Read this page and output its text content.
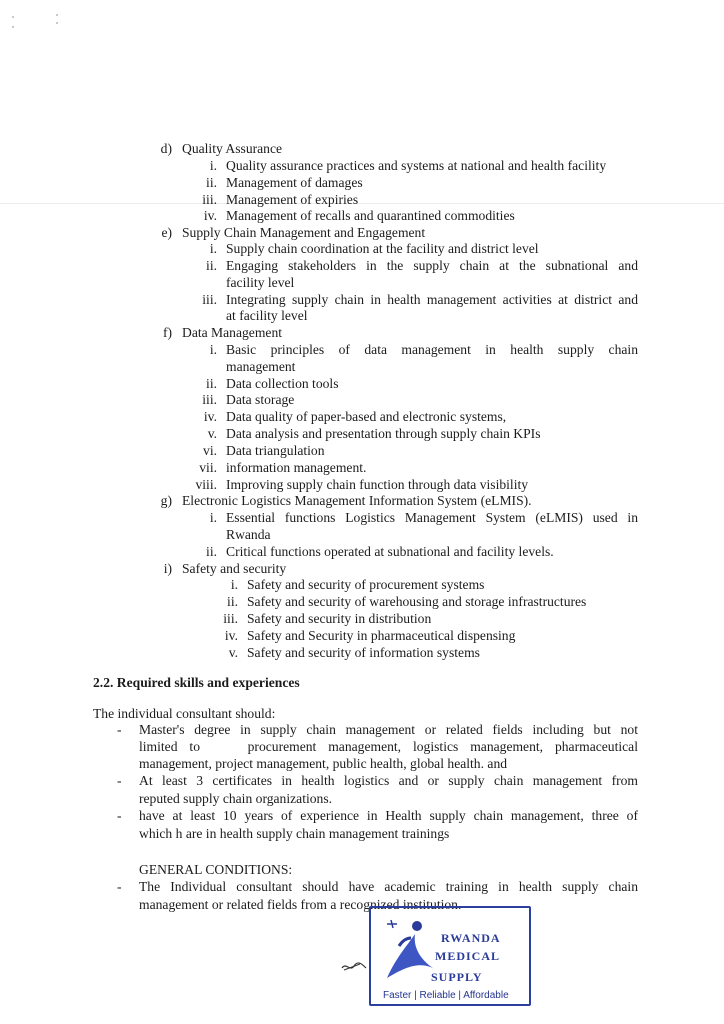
d) Quality Assurance
i. Quality assurance practices and systems at national and health facility
ii. Management of damages
iii. Management of expiries
iv. Management of recalls and quarantined commodities
e) Supply Chain Management and Engagement
i. Supply chain coordination at the facility and district level
ii. Engaging stakeholders in the supply chain at the subnational and
facility level
iii. Integrating supply chain in health management activities at district and
at facility level
f) Data Management
i. Basic principles of data management in health supply chain
management
ii. Data collection tools
iii. Data storage
iv. Data quality of paper-based and electronic systems,
v. Data analysis and presentation through supply chain KPIs
vi. Data triangulation
vii. information management.
viii. Improving supply chain function through data visibility
g) Electronic Logistics Management Information System (eLMIS).
i. Essential functions Logistics Management System (eLMIS) used in
Rwanda
ii. Critical functions operated at subnational and facility levels.
i) Safety and security
i. Safety and security of procurement systems
ii. Safety and security of warehousing and storage infrastructures
iii. Safety and security in distribution
iv. Safety and Security in pharmaceutical dispensing
v. Safety and security of information systems
2.2. Required skills and experiences
The individual consultant should:
- Master's degree in supply chain management or related fields including but not
limited to    procurement management, logistics management, pharmaceutical
management, project management, public health, global health. and
- At least 3 certificates in health logistics and or supply chain management from
reputed supply chain organizations.
- have at least 10 years of experience in Health supply chain management, three of
which h are in health supply chain management trainings
GENERAL CONDITIONS:
- The Individual consultant should have academic training in health supply chain
management or related fields from a recognized institution.
RWANDA
MEDICAL
SUPPLY
Faster | Reliable | Affordable
